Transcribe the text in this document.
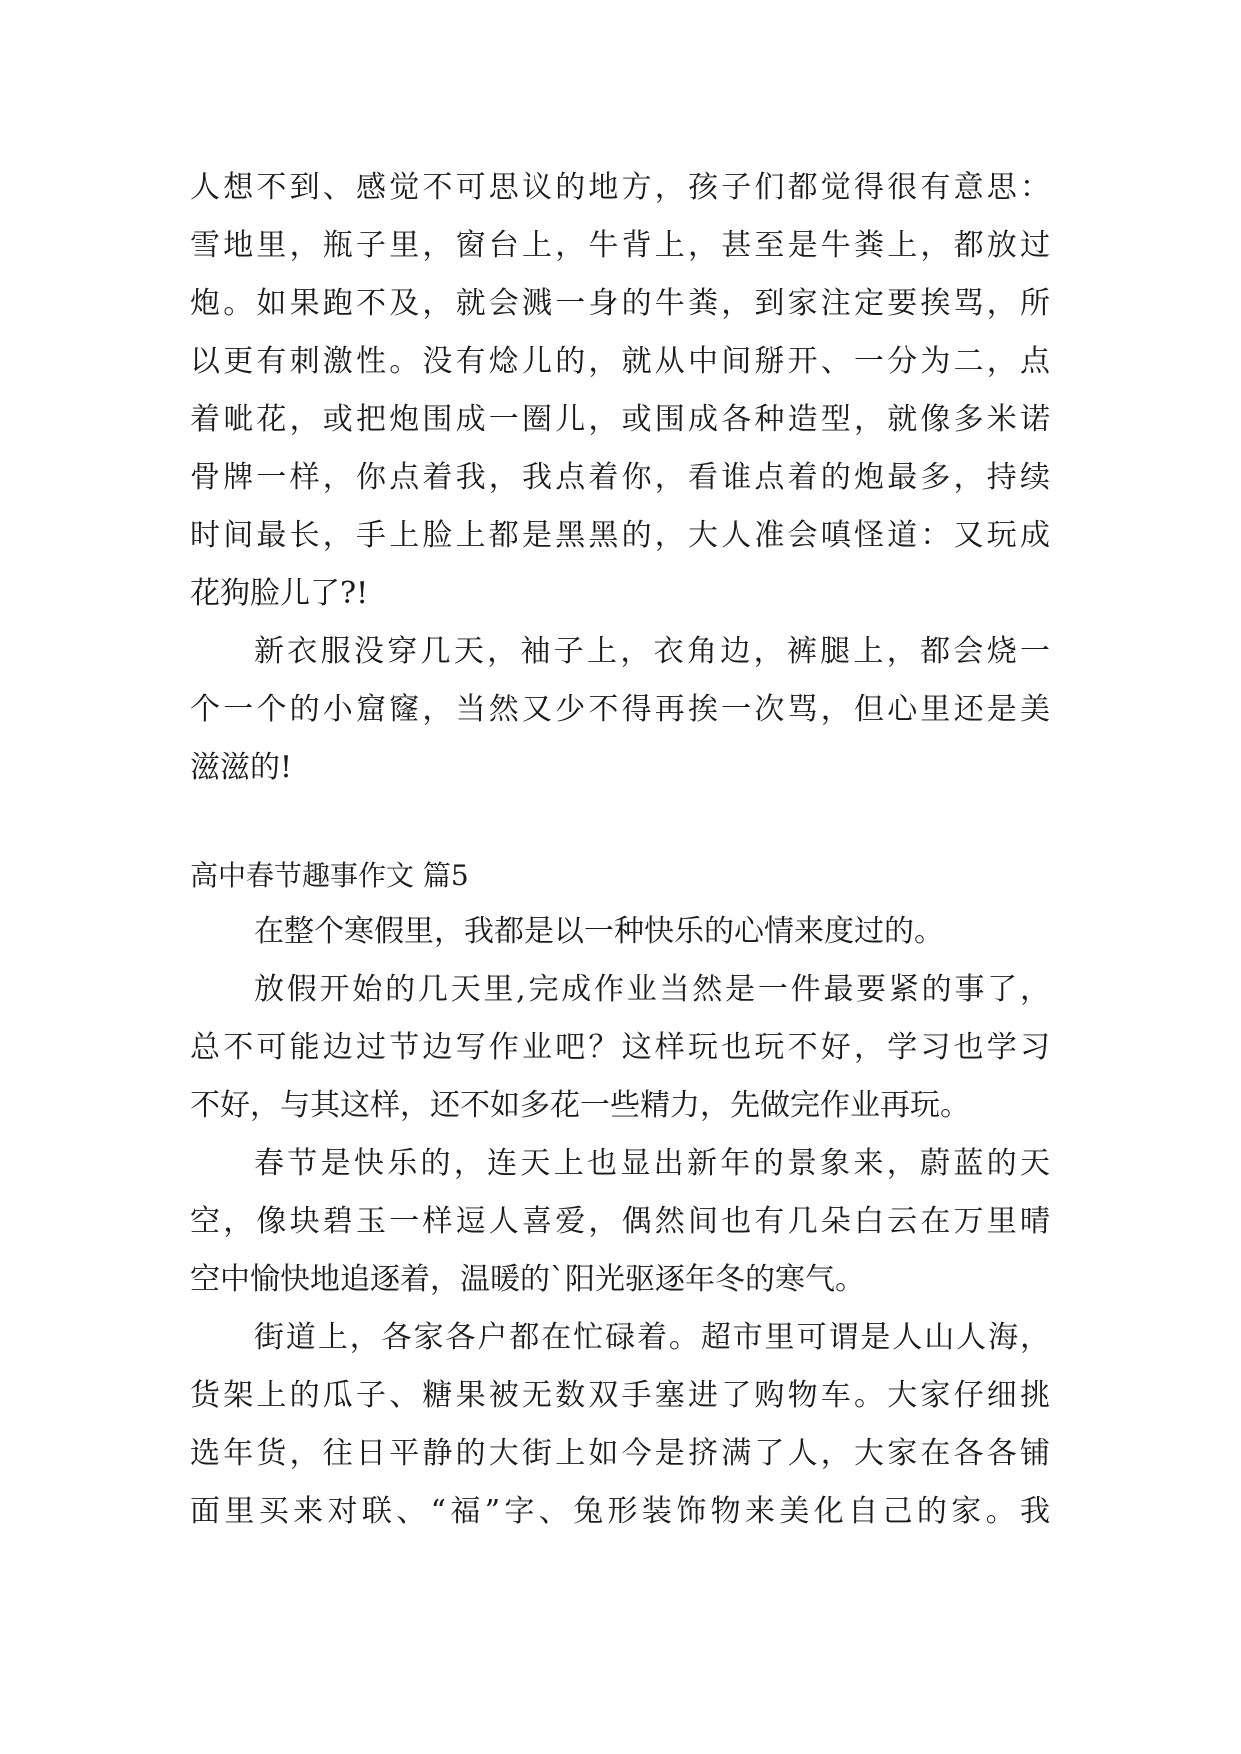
人想不到、感觉不可思议的地方，孩子们都觉得很有意思：

雪地里，瓶子里，窗台上，牛背上，甚至是牛粪上，都放过

炮。如果跑不及，就会溅一身的牛粪，到家注定要挨骂，所

以更有刺激性。没有焾儿的，就从中间掰开、一分为二，点

着呲花，或把炮围成一圈儿，或围成各种造型，就像多米诺

骨牌一样，你点着我，我点着你，看谁点着的炮最多，持续

时间最长，手上脸上都是黑黑的，大人准会嗔怪道：又玩成

花狗脸儿了?!

新衣服没穿几天，袖子上，衣角边，裤腿上，都会烧一

个一个的小窟窿，当然又少不得再挨一次骂，但心里还是美

滋滋的!

高中春节趣事作文 篇5

在整个寒假里，我都是以一种快乐的心情来度过的。

放假开始的几天里,完成作业当然是一件最要紧的事了，

总不可能边过节边写作业吧？这样玩也玩不好，学习也学习

不好，与其这样，还不如多花一些精力，先做完作业再玩。

春节是快乐的，连天上也显出新年的景象来，蔚蓝的天

空，像块碧玉一样逗人喜爱，偶然间也有几朵白云在万里晴

空中愉快地追逐着，温暖的`阳光驱逐年冬的寒气。

街道上，各家各户都在忙碌着。超市里可谓是人山人海，

货架上的瓜子、糖果被无数双手塞进了购物车。大家仔细挑

选年货，往日平静的大街上如今是挤满了人，大家在各各铺

面里买来对联、“福”字、兔形装饰物来美化自己的家。我
